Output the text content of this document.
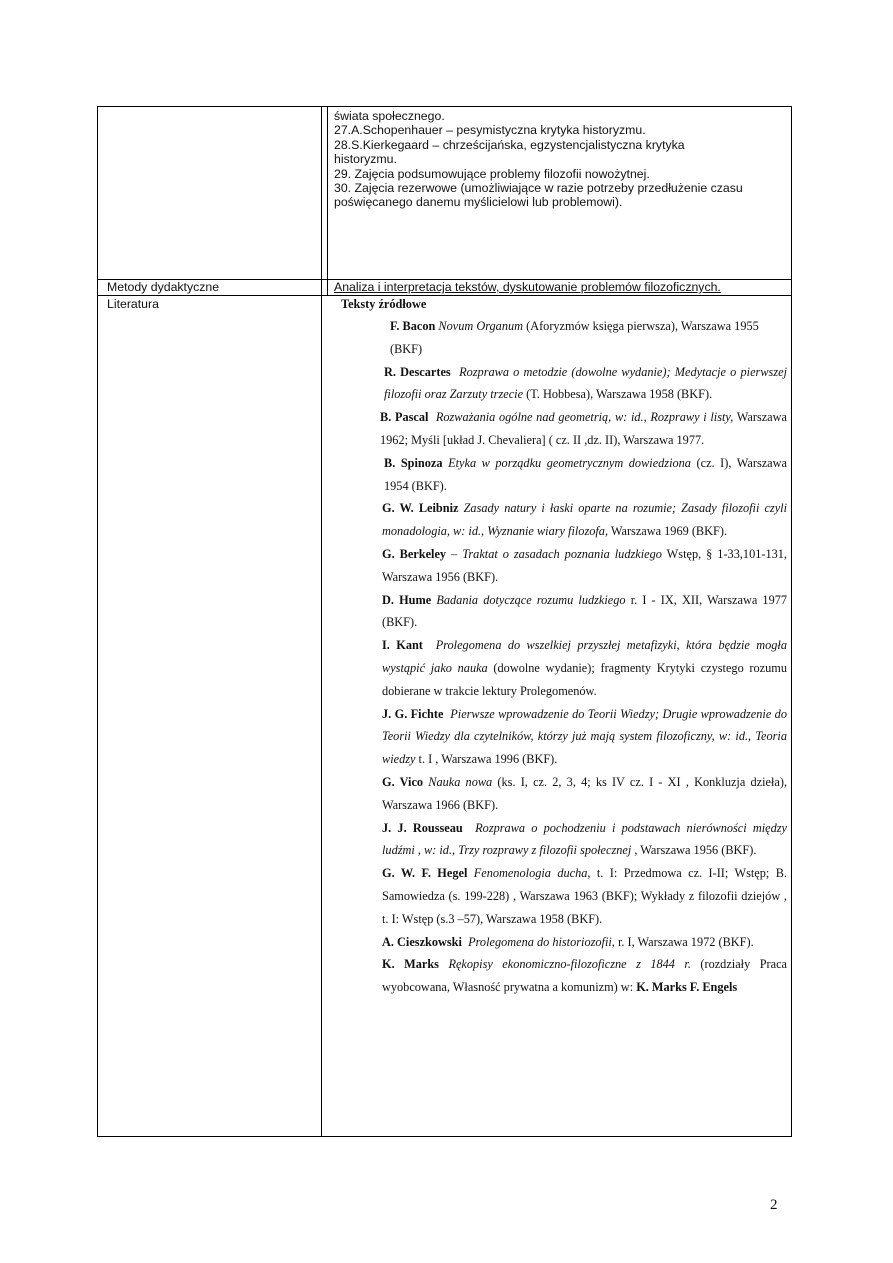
świata społecznego.
27.A.Schopenhauer – pesymistyczna krytyka historyzmu.
28.S.Kierkegaard – chrześcijańska, egzystencjalistyczna krytyka
historyzmu.
29. Zajęcia podsumowujące problemy filozofii nowożytnej.
30. Zajęcia rezerwowe (umożliwiające w razie potrzeby przedłużenie czasu
poświęcanego danemu myślicielowi lub problemowi).
Metody dydaktyczne	Analiza i interpretacja tekstów, dyskutowanie problemów filozoficznych.
Literatura	Teksty źródłowe

F. Bacon Novum Organum (Aforyzmów księga pierwsza), Warszawa 1955 (BKF)

R. Descartes Rozprawa o metodzie (dowolne wydanie); Medytacje o pierwszej filozofii oraz Zarzuty trzecie (T. Hobbesa), Warszawa 1958 (BKF).

B. Pascal Rozważania ogólne nad geometrią, w: id., Rozprawy i listy, Warszawa 1962; Myśli [układ J. Chevaliera] ( cz. II ,dz. II), Warszawa 1977.

B. Spinoza Etyka w porządku geometrycznym dowiedziona (cz. I), Warszawa 1954 (BKF).

G. W. Leibniz Zasady natury i łaski oparte na rozumie; Zasady filozofii czyli monadologia, w: id., Wyznanie wiary filozofa, Warszawa 1969 (BKF).

G. Berkeley – Traktat o zasadach poznania ludzkiego Wstęp, § 1-33,101-131, Warszawa 1956 (BKF).

D. Hume Badania dotyczące rozumu ludzkiego r. I - IX, XII, Warszawa 1977 (BKF).

I. Kant Prolegomena do wszelkiej przyszłej metafizyki, która będzie mogła wystąpić jako nauka (dowolne wydanie); fragmenty Krytyki czystego rozumu dobierane w trakcie lektury Prolegomenów.

J. G. Fichte Pierwsze wprowadzenie do Teorii Wiedzy; Drugie wprowadzenie do Teorii Wiedzy dla czytelników, którzy już mają system filozoficzny, w: id., Teoria wiedzy t. I , Warszawa 1996 (BKF).

G. Vico Nauka nowa (ks. I, cz. 2, 3, 4; ks IV cz. I - XI , Konkluzja dzieła), Warszawa 1966 (BKF).

J. J. Rousseau Rozprawa o pochodzeniu i podstawach nierówności między ludźmi , w: id., Trzy rozprawy z filozofii społecznej , Warszawa 1956 (BKF).

G. W. F. Hegel Fenomenologia ducha, t. I: Przedmowa cz. I-II; Wstęp; B. Samowiedza (s. 199-228) , Warszawa 1963 (BKF); Wykłady z filozofii dziejów , t. I: Wstęp (s.3 –57), Warszawa 1958 (BKF).

A. Cieszkowski Prolegomena do historiozofii, r. I, Warszawa 1972 (BKF).

K. Marks Rękopisy ekonomiczno-filozoficzne z 1844 r. (rozdziały Praca wyobcowana, Własność prywatna a komunizm) w: K. Marks F. Engels

2
